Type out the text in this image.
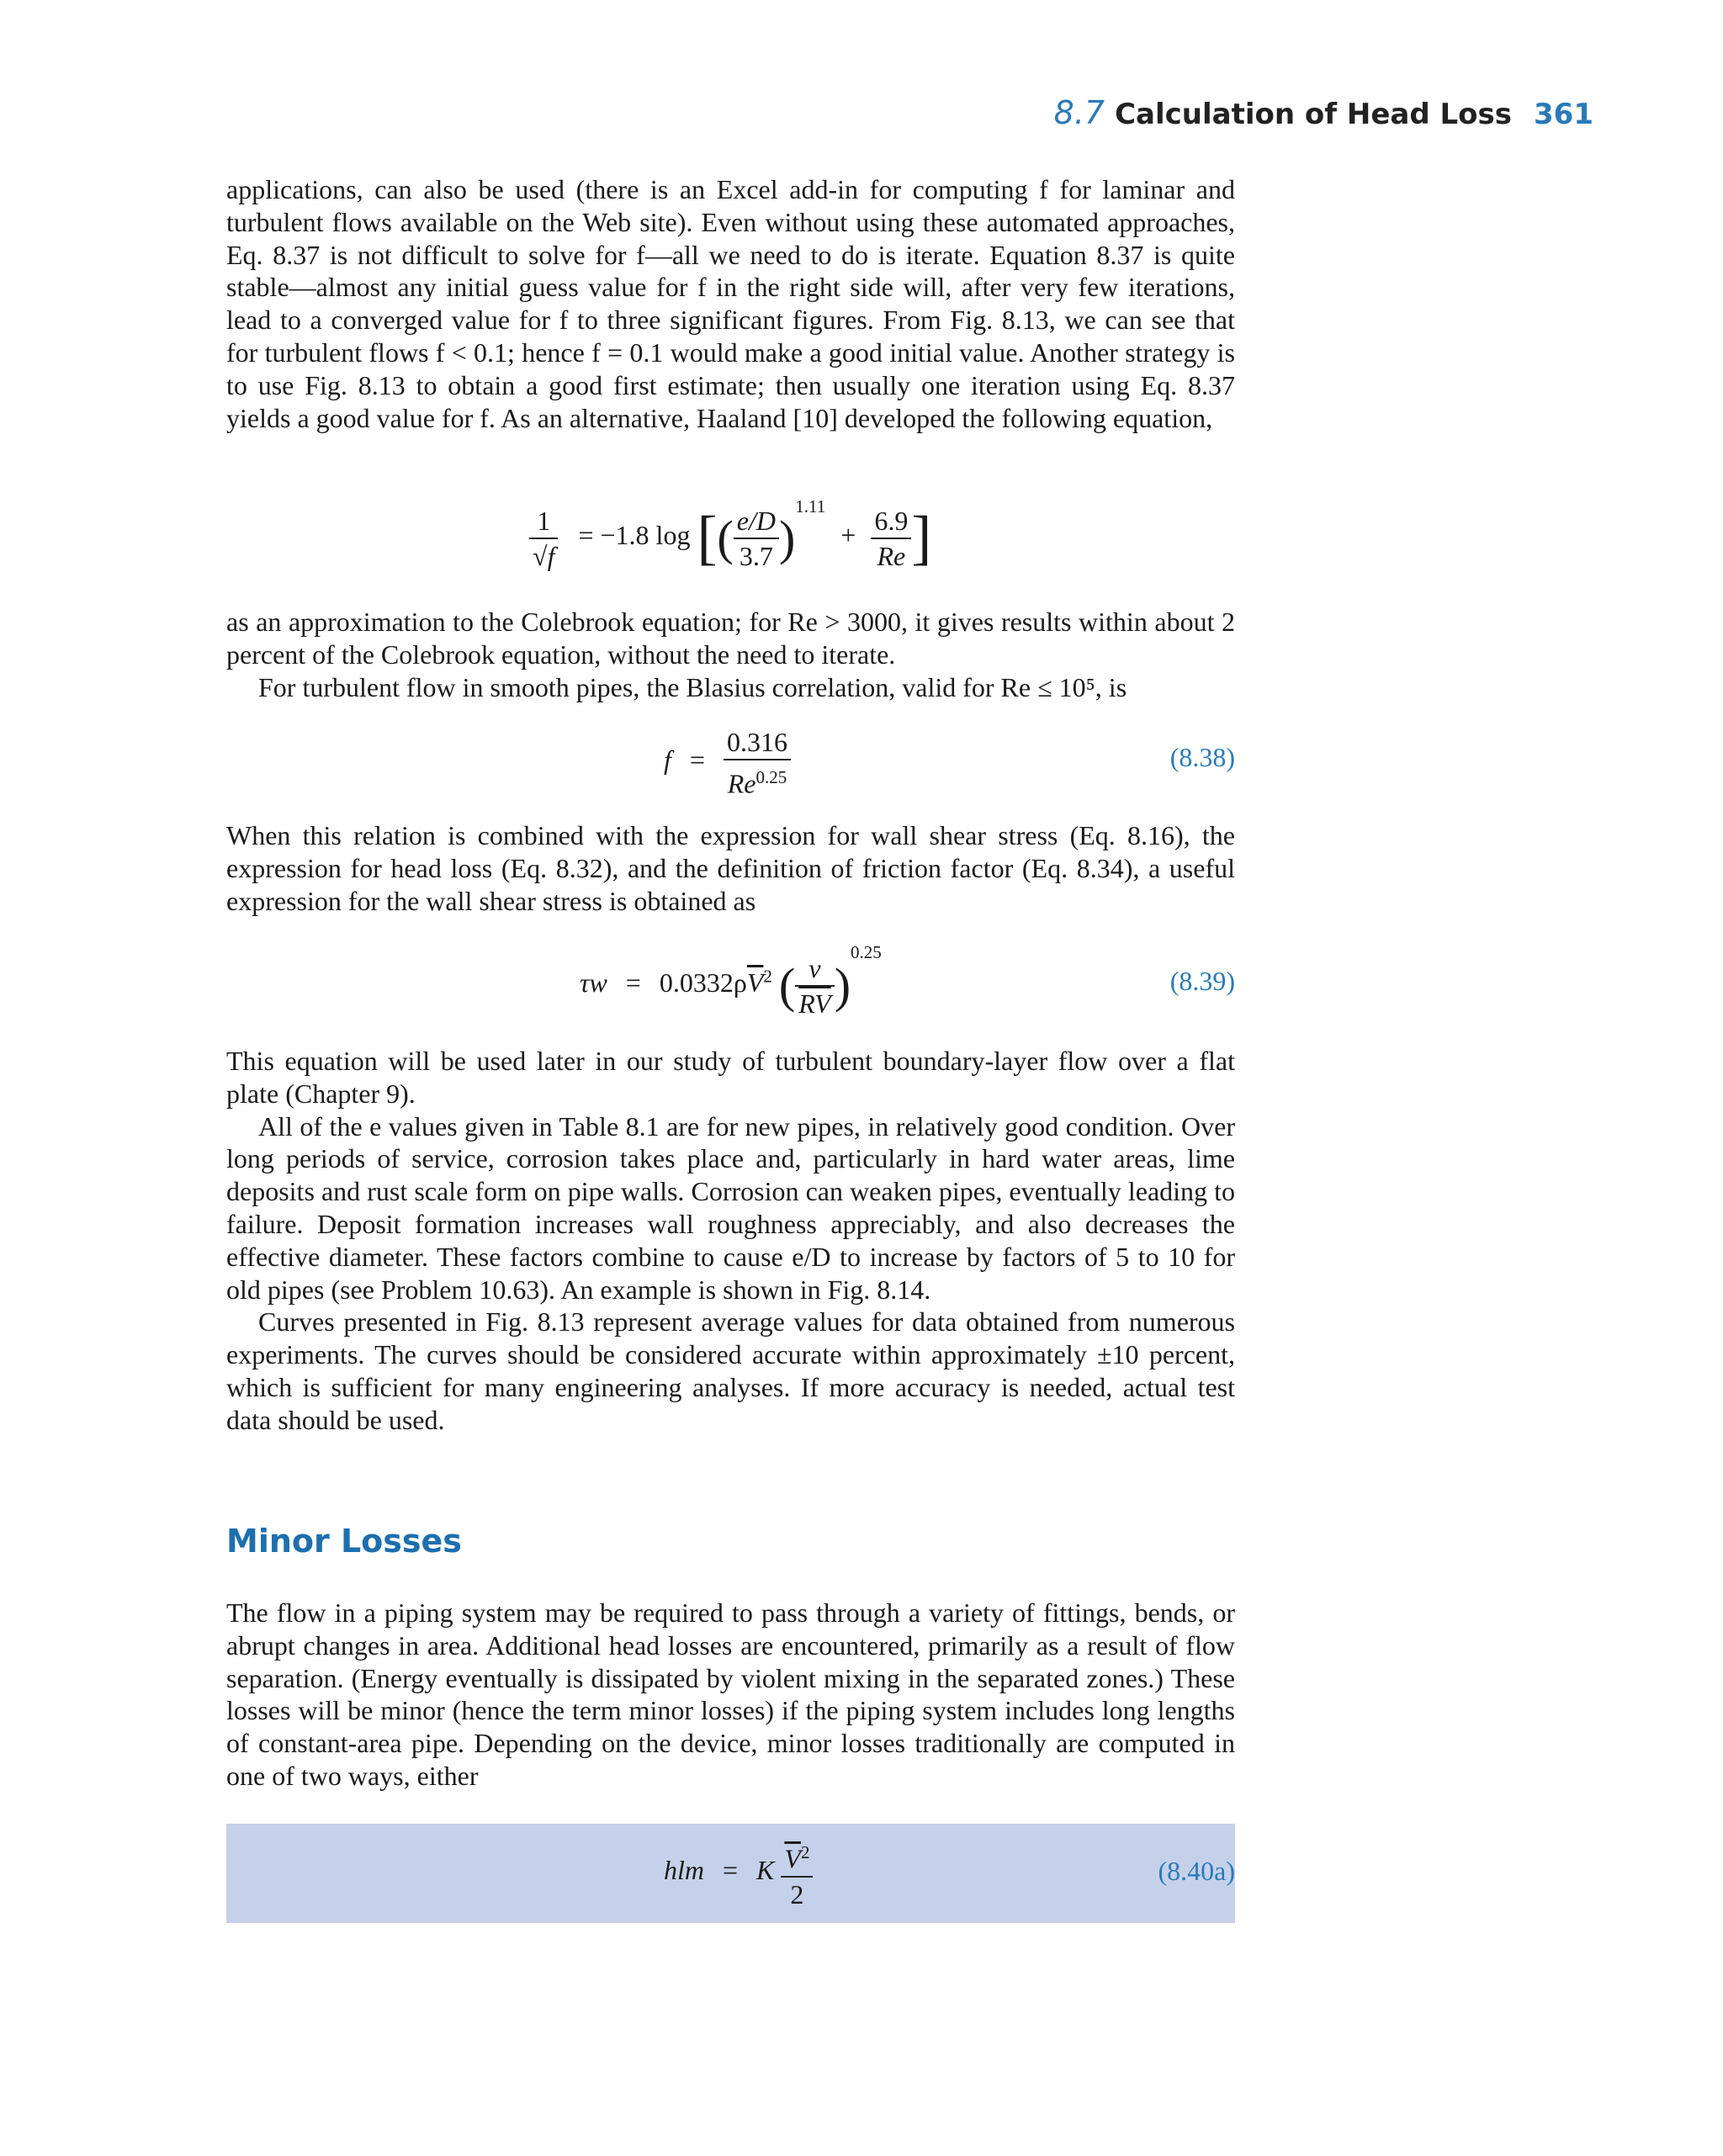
8.7 Calculation of Head Loss 361

applications, can also be used (there is an Excel add-in for computing f for laminar and turbulent flows available on the Web site). Even without using these automated approaches, Eq. 8.37 is not difficult to solve for f—all we need to do is iterate. Equation 8.37 is quite stable—almost any initial guess value for f in the right side will, after very few iterations, lead to a converged value for f to three significant figures. From Fig. 8.13, we can see that for turbulent flows f < 0.1; hence f = 0.1 would make a good initial value. Another strategy is to use Fig. 8.13 to obtain a good first estimate; then usually one iteration using Eq. 8.37 yields a good value for f. As an alternative, Haaland [10] developed the following equation,

$\frac{1}{√f} = -1.8$ log [( $\frac{e/D}{3.7} )^{1.11} + \frac{6.9}{Re}$ ]

as an approximation to the Colebrook equation; for Re > 3000, it gives results within about 2 percent of the Colebrook equation, without the need to iterate.

For turbulent flow in smooth pipes, the Blasius correlation, valid for Re ≤ 10⁵, is

$f = \frac{0.316}{Re^{0.25}}$	(8.38)

When this relation is combined with the expression for wall shear stress (Eq. 8.16), the expression for head loss (Eq. 8.32), and the definition of friction factor (Eq. 8.34), a useful expression for the wall shear stress is obtained as

$\tau w = 0.0332\rho\overline{V}^2$ ( $\frac{\nu}{RV} )^{0.25}$
(8.39)

This equation will be used later in our study of turbulent boundary-layer flow over a flat plate (Chapter 9).

All of the e values given in Table 8.1 are for new pipes, in relatively good condition. Over long periods of service, corrosion takes place and, particularly in hard water areas, lime deposits and rust scale form on pipe walls. Corrosion can weaken pipes, eventually leading to failure. Deposit formation increases wall roughness appreciably, and also decreases the effective diameter. These factors combine to cause e/D to increase by factors of 5 to 10 for old pipes (see Problem 10.63). An example is shown in Fig. 8.14.

Curves presented in Fig. 8.13 represent average values for data obtained from numerous experiments. The curves should be considered accurate within approximately ±10 percent, which is sufficient for many engineering analyses. If more accuracy is needed, actual test data should be used.

Minor Losses

The flow in a piping system may be required to pass through a variety of fittings, bends, or abrupt changes in area. Additional head losses are encountered, primarily as a result of flow separation. (Energy eventually is dissipated by violent mixing in the separated zones.) These losses will be minor (hence the term minor losses) if the piping system includes long lengths of constant-area pipe. Depending on the device, minor losses traditionally are computed in one of two ways, either

hlm = K $\frac{\overline{V}^2}{2}$	(8.40a)
